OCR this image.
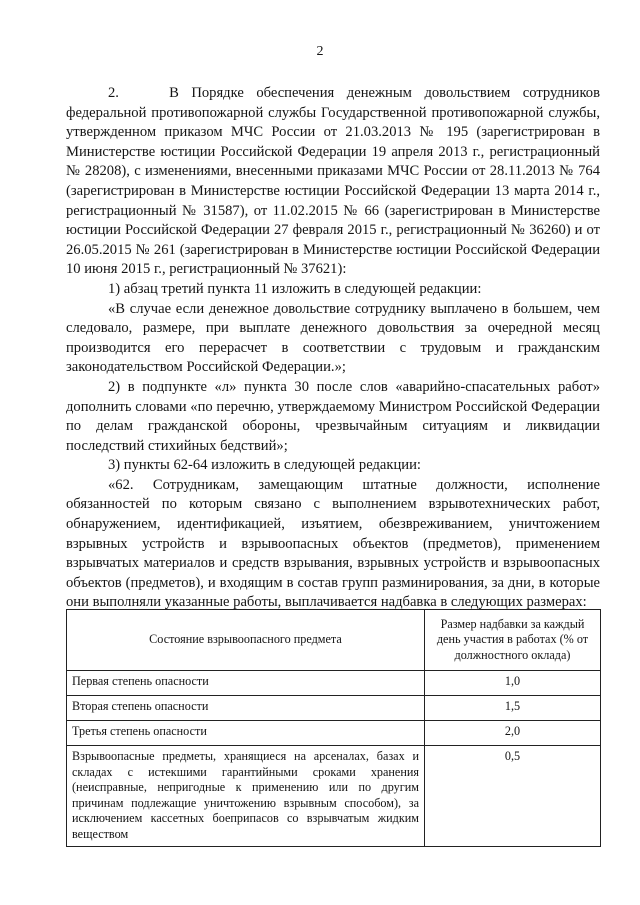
2

2.    В Порядке обеспечения денежным довольствием сотрудников федеральной противопожарной службы Государственной противопожарной службы, утвержденном приказом МЧС России от 21.03.2013 № 195 (зарегистрирован в Министерстве юстиции Российской Федерации 19 апреля 2013 г., регистрационный № 28208), с изменениями, внесенными приказами МЧС России от 28.11.2013 № 764 (зарегистрирован в Министерстве юстиции Российской Федерации 13 марта 2014 г., регистрационный № 31587), от 11.02.2015 № 66 (зарегистрирован в Министерстве юстиции Российской Федерации 27 февраля 2015 г., регистрационный № 36260) и от 26.05.2015 № 261 (зарегистрирован в Министерстве юстиции Российской Федерации 10 июня 2015 г., регистрационный № 37621):

1) абзац третий пункта 11 изложить в следующей редакции:

«В случае если денежное довольствие сотруднику выплачено в большем, чем следовало, размере, при выплате денежного довольствия за очередной месяц производится его перерасчет в соответствии с трудовым и гражданским законодательством Российской Федерации.»;

2) в подпункте «л» пункта 30 после слов «аварийно-спасательных работ» дополнить словами «по перечню, утверждаемому Министром Российской Федерации по делам гражданской обороны, чрезвычайным ситуациям и ликвидации последствий стихийных бедствий»;

3) пункты 62-64 изложить в следующей редакции:

«62. Сотрудникам, замещающим штатные должности, исполнение обязанностей по которым связано с выполнением взрывотехнических работ, обнаружением, идентификацией, изъятием, обезвреживанием, уничтожением взрывных устройств и взрывоопасных объектов (предметов), применением взрывчатых материалов и средств взрывания, взрывных устройств и взрывоопасных объектов (предметов), и входящим в состав групп разминирования, за дни, в которые они выполняли указанные работы, выплачивается надбавка в следующих размерах:

Состояние взрывоопасного предмета	Размер надбавки за каждый день участия в работах (% от должностного оклада)
Первая степень опасности	1,0
Вторая степень опасности	1,5
Третья степень опасности	2,0
Взрывоопасные предметы, хранящиеся на арсеналах, базах и складах с истекшими гарантийными сроками хранения (неисправные, непригодные к применению или по другим причинам подлежащие уничтожению взрывным способом), за исключением кассетных боеприпасов со взрывчатым жидким веществом	0,5
